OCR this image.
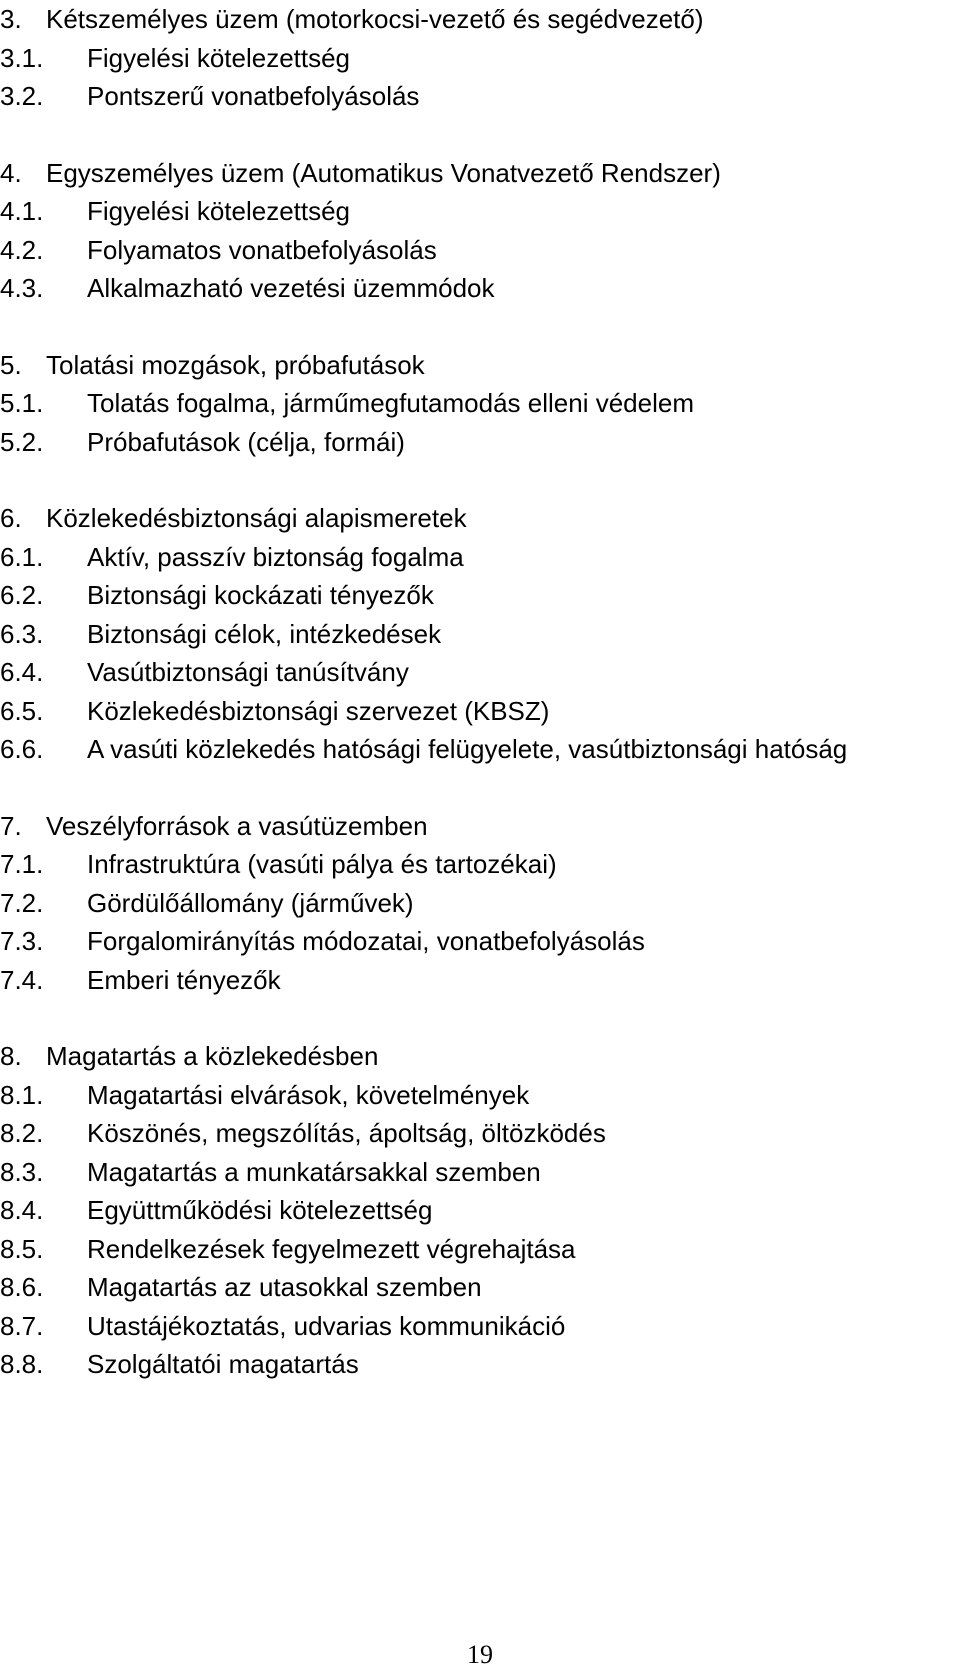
3. Kétszemélyes üzem (motorkocsi-vezető és segédvezető)
3.1. Figyelési kötelezettség
3.2. Pontszerű vonatbefolyásolás
4. Egyszemélyes üzem (Automatikus Vonatvezető Rendszer)
4.1. Figyelési kötelezettség
4.2. Folyamatos vonatbefolyásolás
4.3. Alkalmazható vezetési üzemmódok
5. Tolatási mozgások, próbafutások
5.1. Tolatás fogalma, járműmegfutamodás elleni védelem
5.2. Próbafutások (célja, formái)
6. Közlekedésbiztonsági alapismeretek
6.1. Aktív, passzív biztonság fogalma
6.2. Biztonsági kockázati tényezők
6.3. Biztonsági célok, intézkedések
6.4. Vasútbiztonsági tanúsítvány
6.5. Közlekedésbiztonsági szervezet (KBSZ)
6.6. A vasúti közlekedés hatósági felügyelete, vasútbiztonsági hatóság
7. Veszélyforrások a vasútüzemben
7.1. Infrastruktúra (vasúti pálya és tartozékai)
7.2. Gördülőállomány (járművek)
7.3. Forgalomirányítás módozatai, vonatbefolyásolás
7.4. Emberi tényezők
8. Magatartás a közlekedésben
8.1. Magatartási elvárások, követelmények
8.2. Köszönés, megszólítás, ápoltság, öltözködés
8.3. Magatartás a munkatársakkal szemben
8.4. Együttműködési kötelezettség
8.5. Rendelkezések fegyelmezett végrehajtása
8.6. Magatartás az utasokkal szemben
8.7. Utastájékoztatás, udvarias kommunikáció
8.8. Szolgáltatói magatartás
19
